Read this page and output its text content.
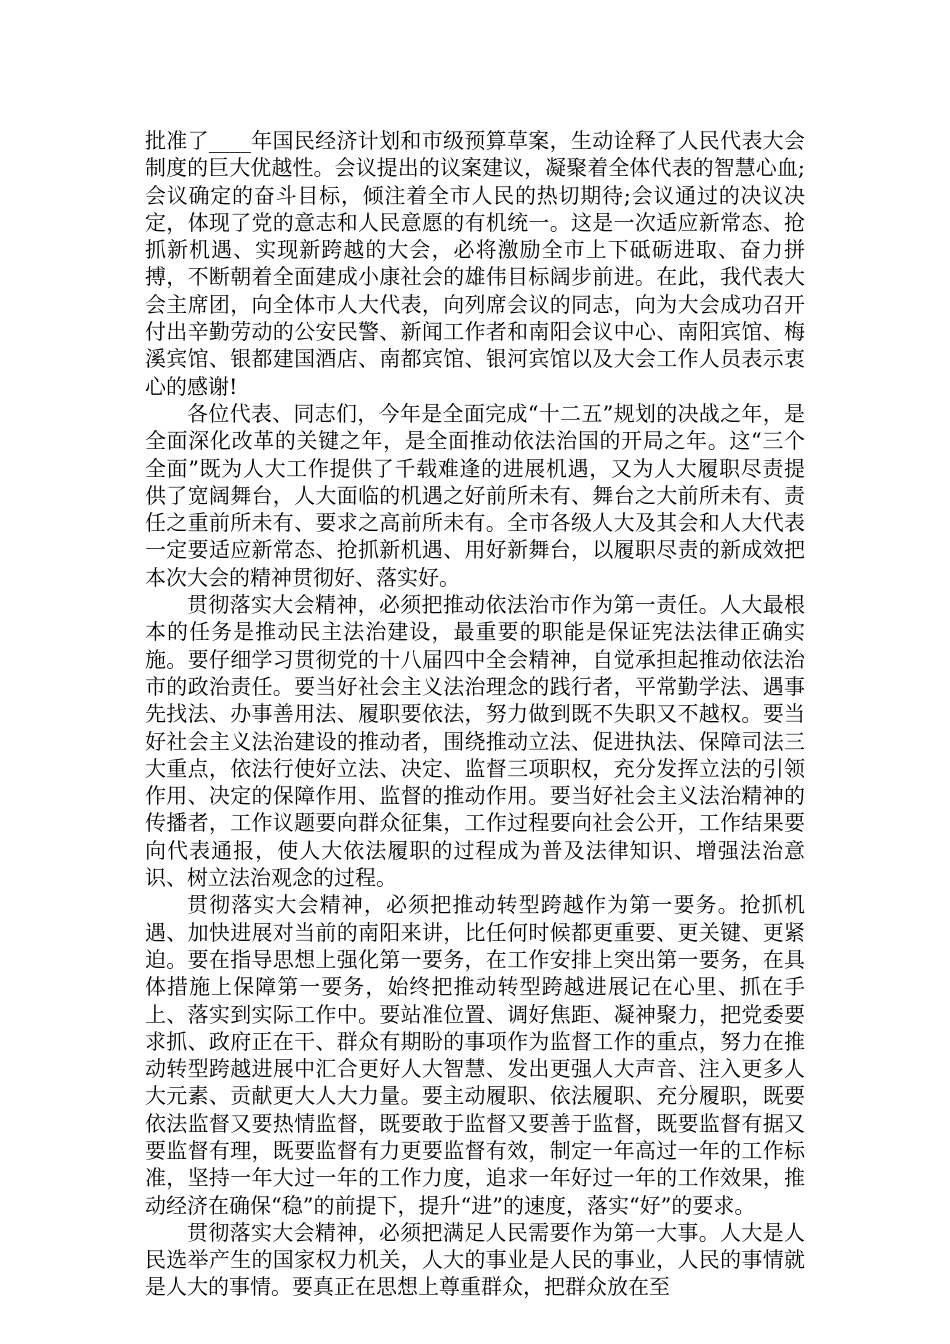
批准了____年国民经济计划和市级预算草案，生动诠释了人民代表大会制度的巨大优越性。会议提出的议案建议，凝聚着全体代表的智慧心血;会议确定的奋斗目标，倾注着全市人民的热切期待;会议通过的决议决定，体现了党的意志和人民意愿的有机统一。这是一次适应新常态、抢抓新机遇、实现新跨越的大会，必将激励全市上下砥砺进取、奋力拼搏，不断朝着全面建成小康社会的雄伟目标阔步前进。在此，我代表大会主席团，向全体市人大代表，向列席会议的同志，向为大会成功召开付出辛勤劳动的公安民警、新闻工作者和南阳会议中心、南阳宾馆、梅溪宾馆、银都建国酒店、南都宾馆、银河宾馆以及大会工作人员表示衷心的感谢!

各位代表、同志们，今年是全面完成“十二五”规划的决战之年，是全面深化改革的关键之年，是全面推动依法治国的开局之年。这“三个全面”既为人大工作提供了千载难逢的进展机遇，又为人大履职尽责提供了宽阔舞台，人大面临的机遇之好前所未有、舞台之大前所未有、责任之重前所未有、要求之高前所未有。全市各级人大及其会和人大代表一定要适应新常态、抢抓新机遇、用好新舞台，以履职尽责的新成效把本次大会的精神贯彻好、落实好。

贯彻落实大会精神，必须把推动依法治市作为第一责任。人大最根本的任务是推动民主法治建设，最重要的职能是保证宪法法律正确实施。要仔细学习贯彻党的十八届四中全会精神，自觉承担起推动依法治市的政治责任。要当好社会主义法治理念的践行者，平常勤学法、遇事先找法、办事善用法、履职要依法，努力做到既不失职又不越权。要当好社会主义法治建设的推动者，围绕推动立法、促进执法、保障司法三大重点，依法行使好立法、决定、监督三项职权，充分发挥立法的引领作用、决定的保障作用、监督的推动作用。要当好社会主义法治精神的传播者，工作议题要向群众征集，工作过程要向社会公开，工作结果要向代表通报，使人大依法履职的过程成为普及法律知识、增强法治意识、树立法治观念的过程。

贯彻落实大会精神，必须把推动转型跨越作为第一要务。抢抓机遇、加快进展对当前的南阳来讲，比任何时候都更重要、更关键、更紧迫。要在指导思想上强化第一要务，在工作安排上突出第一要务，在具体措施上保障第一要务，始终把推动转型跨越进展记在心里、抓在手上、落实到实际工作中。要站准位置、调好焦距、凝神聚力，把党委要求抓、政府正在干、群众有期盼的事项作为监督工作的重点，努力在推动转型跨越进展中汇合更好人大智慧、发出更强人大声音、注入更多人大元素、贡献更大人大力量。要主动履职、依法履职、充分履职，既要依法监督又要热情监督，既要敢于监督又要善于监督，既要监督有据又要监督有理，既要监督有力更要监督有效，制定一年高过一年的工作标准，坚持一年大过一年的工作力度，追求一年好过一年的工作效果，推动经济在确保“稳”的前提下，提升“进”的速度，落实“好”的要求。

贯彻落实大会精神，必须把满足人民需要作为第一大事。人大是人民选举产生的国家权力机关，人大的事业是人民的事业，人民的事情就是人大的事情。要真正在思想上尊重群众，把群众放在至
